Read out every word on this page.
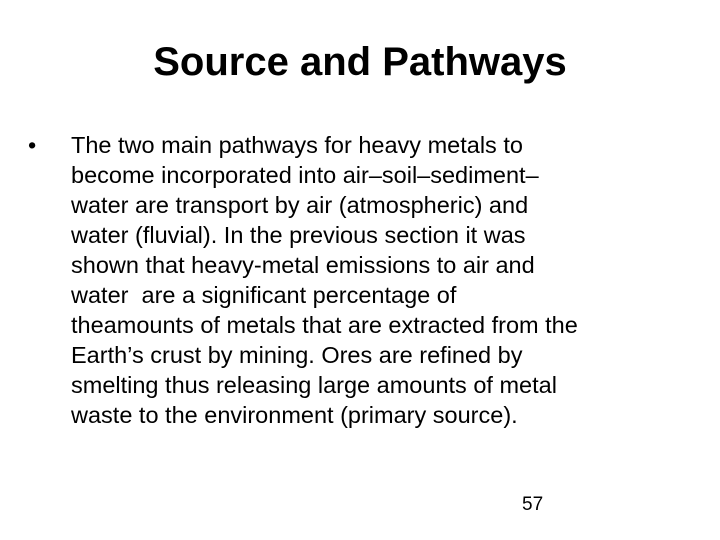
Source and Pathways
• The two main pathways for heavy metals to
become incorporated into air–soil–sediment–
water are transport by air (atmospheric) and
water (fluvial). In the previous section it was
shown that heavy-metal emissions to air and
water  are a significant percentage of
theamounts of metals that are extracted from the
Earth’s crust by mining. Ores are refined by
smelting thus releasing large amounts of metal
waste to the environment (primary source).
57
